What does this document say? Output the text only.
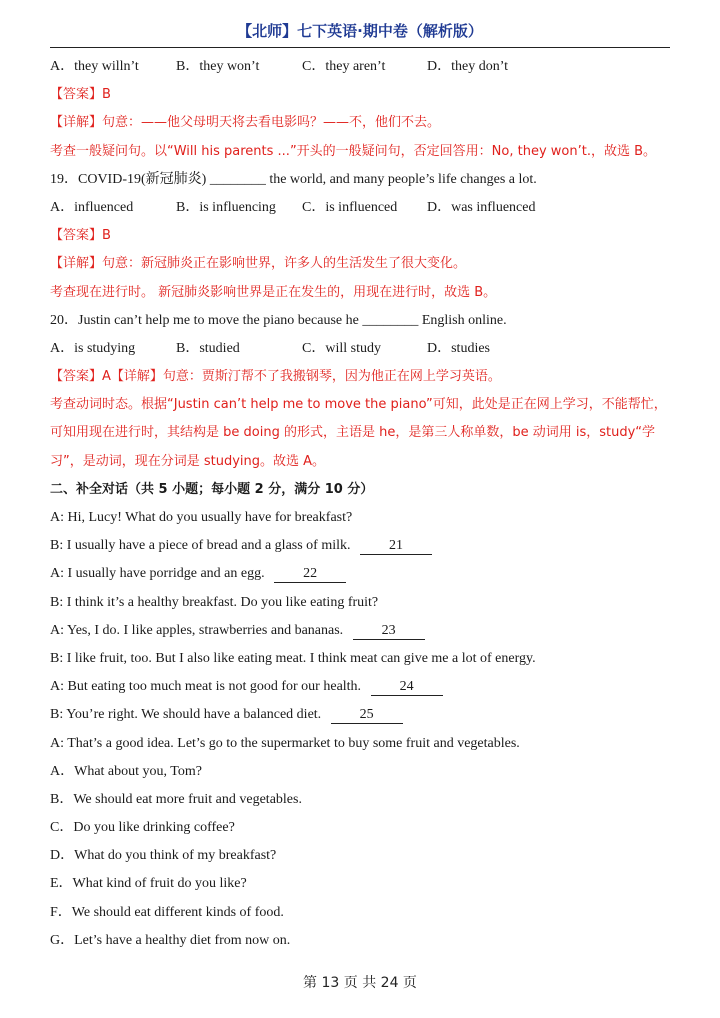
【北师】七下英语·期中卷（解析版）
A．they willn’t	B．they won’t	C．they aren’t	D．they don’t
【答案】B
【详解】句意：——他父母明天将去看电影吗？——不，他们不去。
考查一般疑问句。以“Will his parents ...”开头的一般疑问句，否定回答用：No, they won’t.，故选 B。
19．COVID-19(新冠肺炎) ________ the world, and many people’s life changes a lot.
A．influenced	B．is influencing C．is influenced D．was influenced
【答案】B
【详解】句意：新冠肺炎正在影响世界，许多人的生活发生了很大变化。
考查现在进行时。 新冠肺炎影响世界是正在发生的，用现在进行时，故选 B。
20．Justin can’t help me to move the piano because he ________ English online.
A．is studying	B．studied	C．will study	D．studies
【答案】A【详解】句意：贾斯汀帮不了我搬钢琴，因为他正在网上学习英语。
考查动词时态。根据“Justin can’t help me to move the piano”可知，此处是正在网上学习，不能帮忙，
可知用现在进行时，其结构是 be doing 的形式，主语是 he，是第三人称单数，be 动词用 is，study“学
习”，是动词，现在分词是 studying。故选 A。
二、补全对话（共 5 小题；每小题 2 分，满分 10 分）
A: Hi, Lucy! What do you usually have for breakfast?
B: I usually have a piece of bread and a glass of milk.	21
A: I usually have porridge and an egg.	22
B: I think it’s a healthy breakfast. Do you like eating fruit?
A: Yes, I do. I like apples, strawberries and bananas.	23
B: I like fruit, too. But I also like eating meat. I think meat can give me a lot of energy.
A: But eating too much meat is not good for our health.	24
B: You’re right. We should have a balanced diet.	25
A: That’s a good idea. Let’s go to the supermarket to buy some fruit and vegetables.
A．What about you, Tom?
B．We should eat more fruit and vegetables.
C．Do you like drinking coffee?
D．What do you think of my breakfast?
E．What kind of fruit do you like?
F．We should eat different kinds of food.
G．Let’s have a healthy diet from now on.
第 13 页 共 24 页
